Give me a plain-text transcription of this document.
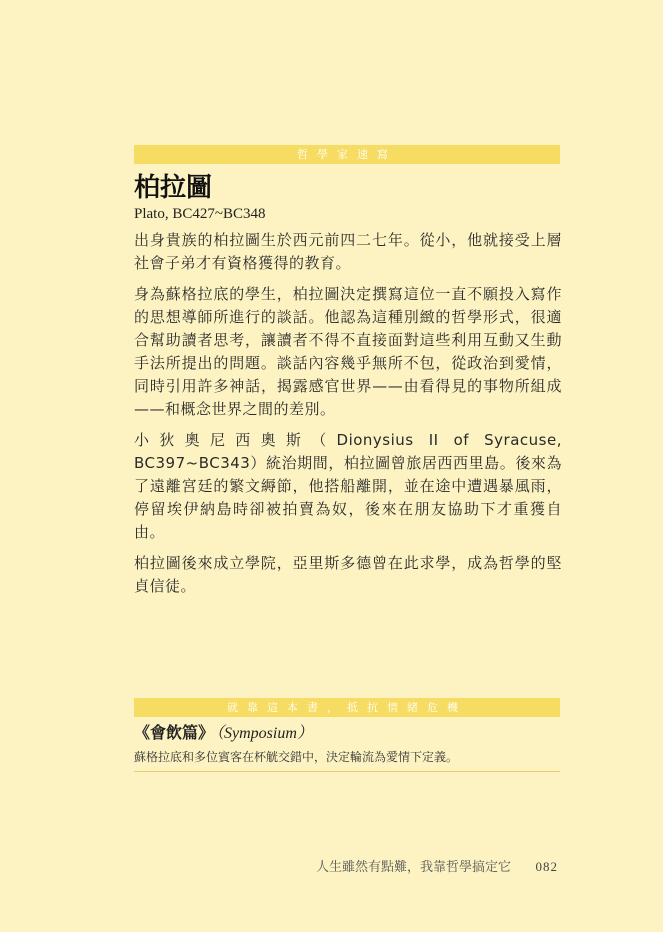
哲學家速寫
柏拉圖
Plato, BC427~BC348

出身貴族的柏拉圖生於西元前四二七年。從小，他就接受上層社會子弟才有資格獲得的教育。

身為蘇格拉底的學生，柏拉圖決定撰寫這位一直不願投入寫作的思想導師所進行的談話。他認為這種別緻的哲學形式，很適合幫助讀者思考，讓讀者不得不直接面對這些利用互動又生動手法所提出的問題。談話內容幾乎無所不包，從政治到愛情，同時引用許多神話，揭露感官世界——由看得見的事物所組成——和概念世界之間的差別。

小狄奧尼西奧斯（Dionysius II of Syracuse, BC397~BC343）統治期間，柏拉圖曾旅居西西里島。後來為了遠離宮廷的繁文縟節，他搭船離開，並在途中遭遇暴風雨，停留埃伊納島時卻被拍賣為奴，後來在朋友協助下才重獲自由。

柏拉圖後來成立學院，亞里斯多德曾在此求學，成為哲學的堅貞信徒。

就靠這本書，抵抗情緒危機
《會飲篇》 （Symposium）
蘇格拉底和多位賓客在杯觥交錯中，決定輪流為愛情下定義。
人生雖然有點難，我靠哲學搞定它 082
